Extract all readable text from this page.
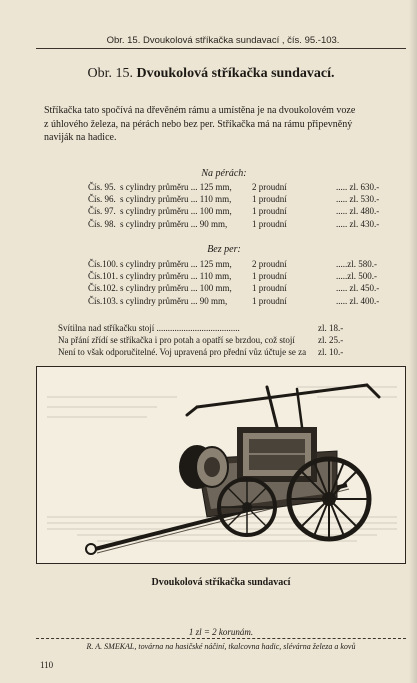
Obr. 15. Dvoukolová stříkačka sundavací , čís. 95.-103.
Obr. 15. Dvoukolová stříkačka sundavací.
Stříkačka tato spočívá na dřevěném rámu a umístěna je na dvoukolovém voze
z úhlového železa, na pérách nebo bez per. Stříkačka má na rámu připevněný
naviják na hadice.
Na pérách:
Čís. 95. s cylindry průměru ... 125 mm,	2 proudní	..... zl. 630.-
Čís. 96. s cylindry průměru ... 110 mm,	1 proudní	..... zl. 530.-
Čís. 97. s cylindry průměru ... 100 mm,	1 proudní	..... zl. 480.-
Čís. 98. s cylindry průměru ... 90 mm,	1 proudní	..... zl. 430.-
Bez per:
Čís.100. s cylindry průměru ... 125 mm,	2 proudní	.....zl. 580.-
Čís.101. s cylindry průměru ... 110 mm,	1 proudní	.....zl. 500.-
Čís.102. s cylindry průměru ... 100 mm,	1 proudní	..... zl. 450.-
Čís.103. s cylindry průměru ... 90 mm,	1 proudní	..... zl. 400.-
Svítilna nad stříkačku stojí .....................................	zl. 18.-
Na přání zřídí se stříkačka i pro potah a opatří se brzdou, což stojí	zl. 25.-
Není to však odporučitelné. Voj upravená pro přední vůz účtuje se za	zl. 10.-
Dvoukolová stříkačka sundavací
1 zl = 2 korunám.
R. A. SMEKAL, továrna na hasičské náčiní, tkalcovna hadic, slévárna železa a kovů
110
